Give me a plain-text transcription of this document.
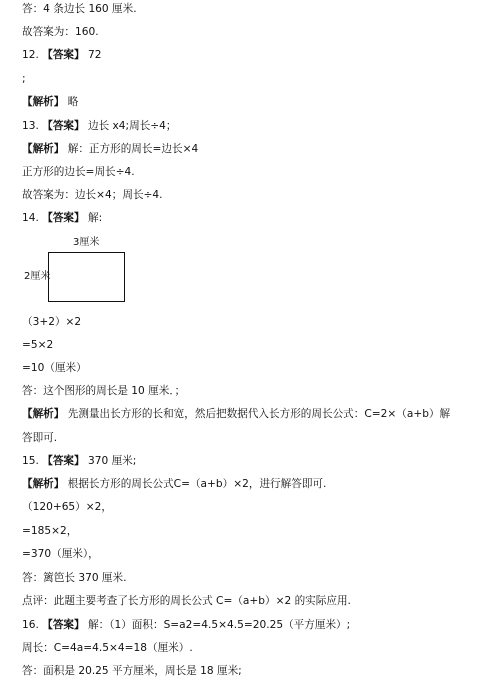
答：4 条边长 160 厘米.
故答案为：160.
12. 【答案】 72
;
【解析】 略
13. 【答案】 边长 x4;周长÷4；
【解析】 解：正方形的周长=边长×4
正方形的边长=周长÷4.
故答案为：边长×4；周长÷4.
14. 【答案】 解:
3厘米
2厘米
（3+2）×2
=5×2
=10（厘米）
答：这个图形的周长是 10 厘米．；
【解析】 先测量出长方形的长和宽，然后把数据代入长方形的周长公式：C=2×（a+b）解
答即可.
15. 【答案】 370 厘米;
【解析】 根据长方形的周长公式C=（a+b）×2，进行解答即可.
（120+65）×2，
=185×2，
=370（厘米），
答：篱笆长 370 厘米.
点评：此题主要考查了长方形的周长公式 C=（a+b）×2 的实际应用.
16. 【答案】 解：（1）面积：S=a2=4.5×4.5=20.25（平方厘米）;
周长：C=4a=4.5×4=18（厘米）.
答：面积是 20.25 平方厘米，周长是 18 厘米;
